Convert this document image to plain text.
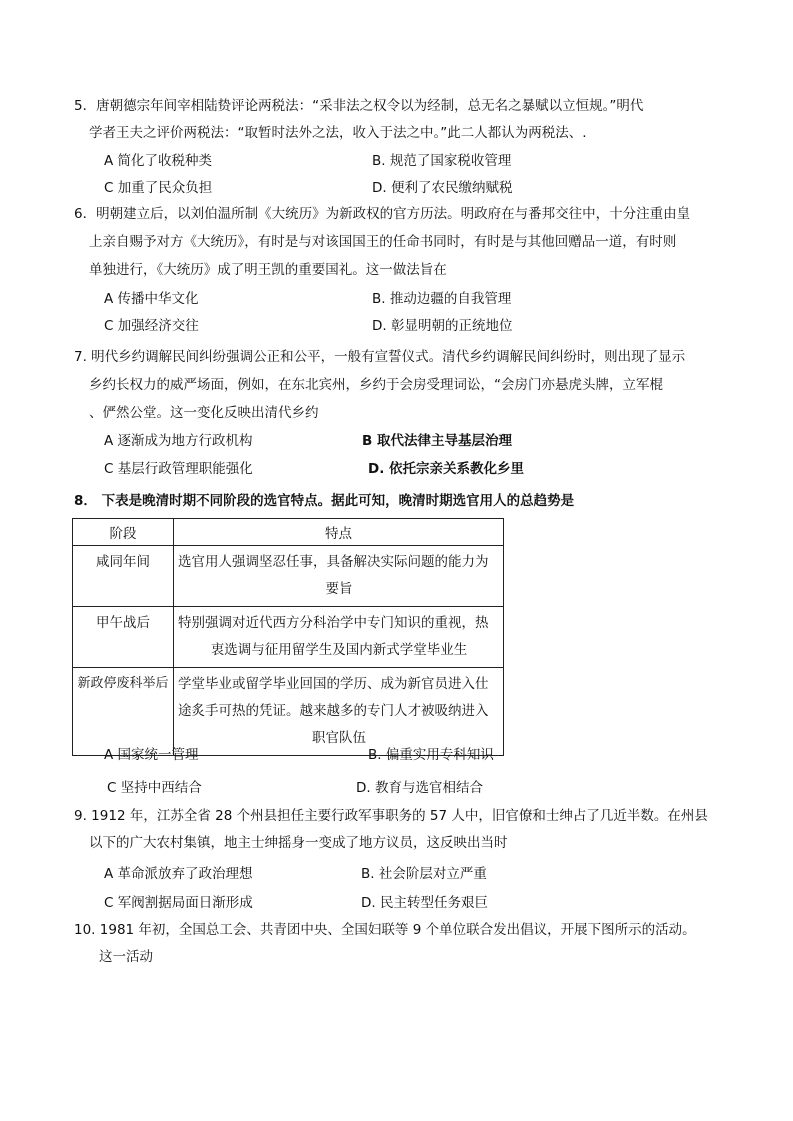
5．唐朝德宗年间宰相陆贽评论两税法：“采非法之权令以为经制，总无名之暴赋以立恒规。”明代
学者王夫之评价两税法：“取暂时法外之法，收入于法之中。”此二人都认为两税法、.
A 简化了收税种类	B. 规范了国家税收管理
C 加重了民众负担	D. 便利了农民缴纳赋税
6．明朝建立后，以刘伯温所制《大统历》为新政权的官方历法。明政府在与番邦交往中，十分注重由皇
上亲自赐予对方《大统历》，有时是与对该国国王的任命书同时，有时是与其他回赠品一道，有时则
单独进行，《大统历》成了明王凯的重要国礼。这一做法旨在
A 传播中华文化	B. 推动边疆的自我管理
C 加强经济交往	D. 彰显明朝的正统地位
7. 明代乡约调解民间纠纷强调公正和公平，一般有宣誓仪式。清代乡约调解民间纠纷时，则出现了显示
乡约长权力的威严场面，例如，在东北宾州，乡约于会房受理词讼，“会房门亦悬虎头牌，立军棍
、俨然公堂。这一变化反映出清代乡约
A 逐渐成为地方行政机构	B 取代法律主导基层治理
C 基层行政管理职能强化	D. 依托宗亲关系教化乡里
8． 下表是晚清时期不同阶段的选官特点。据此可知，晚清时期选官用人的总趋势是
阶段	特点
咸同年间	选官用人强调坚忍任事，具备解决实际问题的能力为
要旨

甲午战后	特别强调对近代西方分科治学中专门知识的重视，热
衷选调与征用留学生及国内新式学堂毕业生

新政停废科举后	学堂毕业或留学毕业回国的学历、成为新官员进入仕
途炙手可热的凭证。越来越多的专门人才被吸纳进入
职官队伍
A 国家统一管理	B. 偏重实用专科知识
C 坚持中西结合	D. 教育与选官相结合
9. 1912 年，江苏全省 28 个州县担任主要行政军事职务的 57 人中，旧官僚和士绅占了几近半数。在州县
以下的广大农村集镇，地主士绅摇身一变成了地方议员，这反映出当时
A 革命派放弃了政治理想	B. 社会阶层对立严重
C 军阀割据局面日渐形成	D. 民主转型任务艰巨
10. 1981 年初，全国总工会、共青团中央、全国妇联等 9 个单位联合发出倡议，开展下图所示的活动。
这一活动
